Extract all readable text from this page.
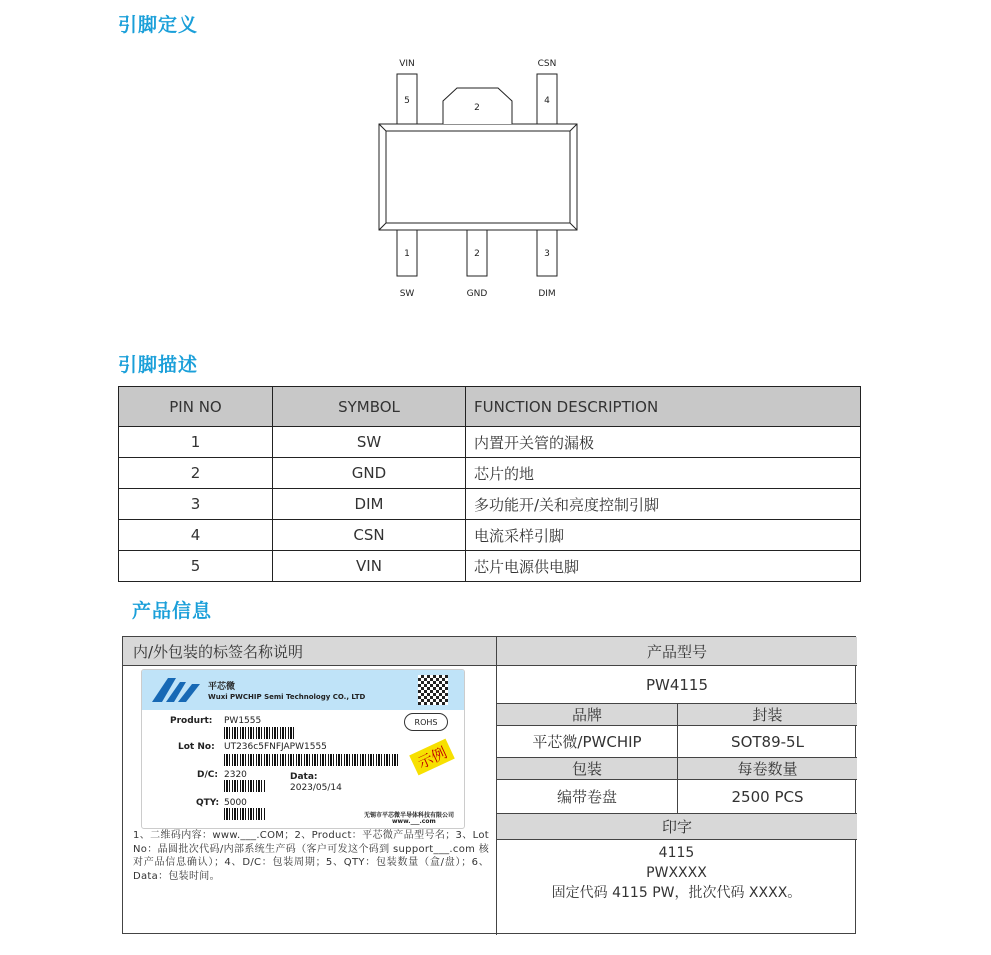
引脚定义
VIN	CSN
5
2
4
1	2	3
SW	GND	DIM
引脚描述
PIN NO	SYMBOL	FUNCTION DESCRIPTION
1	SW	内置开关管的漏极
2	GND	芯片的地
3	DIM	多功能开/关和亮度控制引脚
4	CSN	电流采样引脚
5	VIN	芯片电源供电脚
产品信息
内/外包装的标签名称说明	产品型号
PW4115
品牌	封装
平芯微/PWCHIP	SOT89-5L
包装	每卷数量
编带卷盘	2500 PCS
印字
4115
PWXXXX
固定代码 4115 PW，批次代码 XXXX。
平芯微
Wuxi PWCHIP Semi Technology CO., LTD
Produrt: PW1555	ROHS
Lot No: UT236c5FNFJAPW1555	示例
D/C: 2320	Data:
2023/05/14
QTY: 5000
无锡市平芯微半导体科技有限公司
www.___.com
1、二维码内容：www.___.COM；2、Product：平芯微产品型号名；3、Lot No：晶圆批次代码/内部系统生产码（客户可发这个码到 support___.com 核对产品信息确认）；4、D/C：包装周期；5、QTY：包装数量（盒/盘）；6、Data：包装时间。
